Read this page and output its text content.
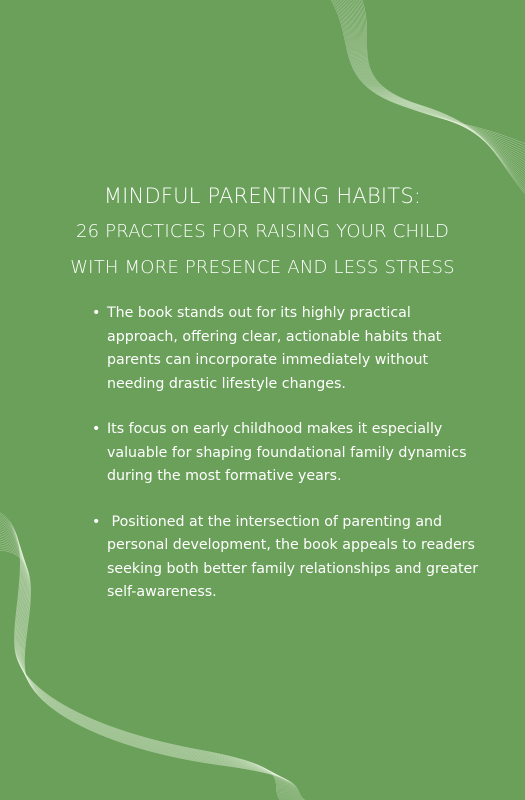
MINDFUL PARENTING HABITS:
26 PRACTICES FOR RAISING YOUR CHILD
WITH MORE PRESENCE AND LESS STRESS
• The book stands out for its highly practical approach, offering clear, actionable habits that parents can incorporate immediately without needing drastic lifestyle changes.
• Its focus on early childhood makes it especially valuable for shaping foundational family dynamics during the most formative years.
• Positioned at the intersection of parenting and personal development, the book appeals to readers seeking both better family relationships and greater self-awareness.
